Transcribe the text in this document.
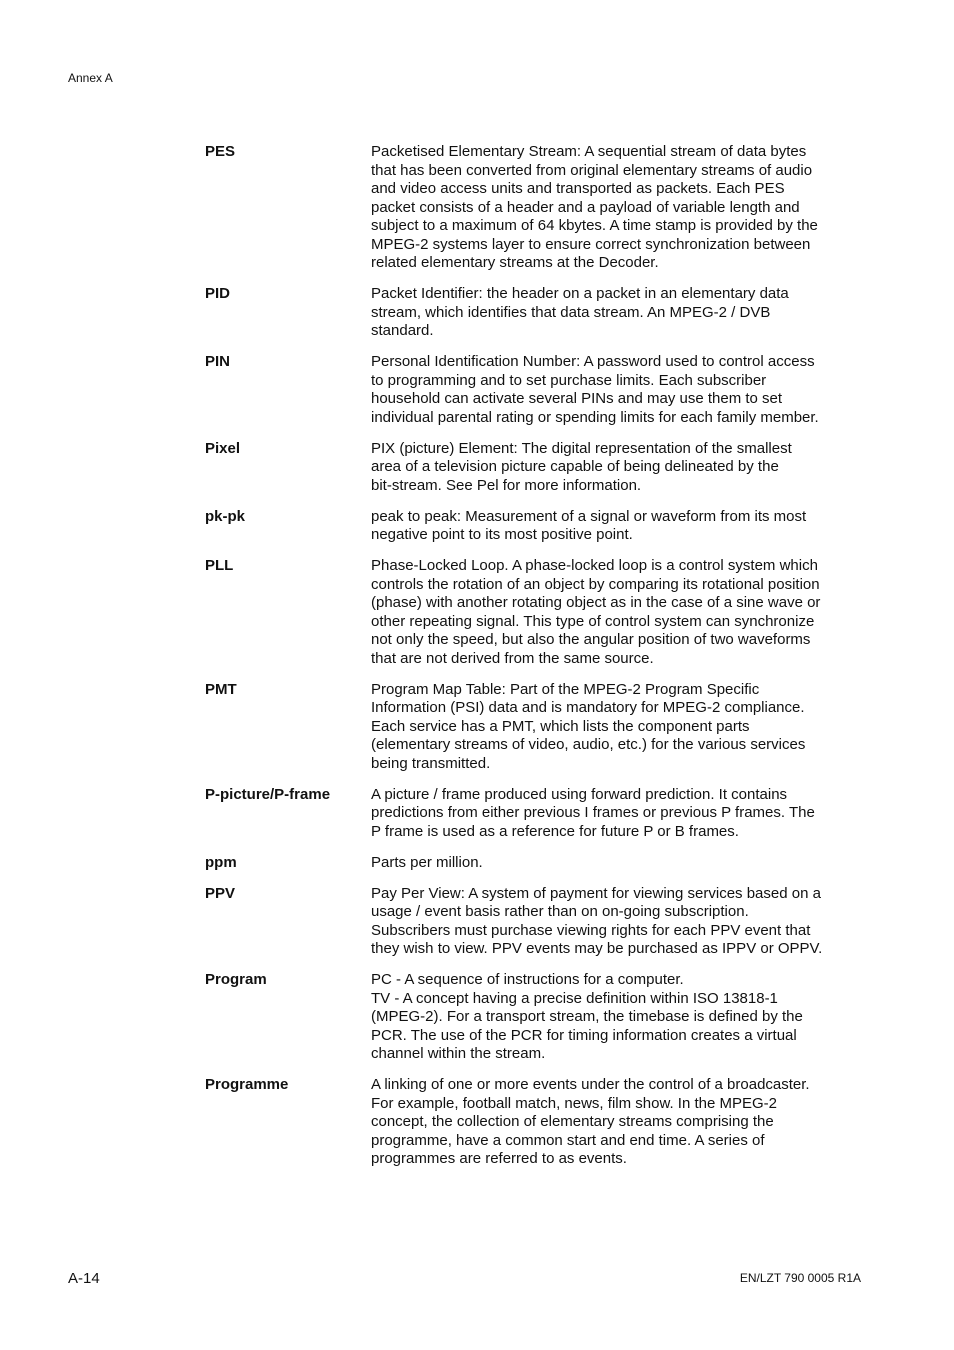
Annex A
PES	Packetised Elementary Stream: A sequential stream of data bytes
that has been converted from original elementary streams of audio
and video access units and transported as packets. Each PES
packet consists of a header and a payload of variable length and
subject to a maximum of 64 kbytes. A time stamp is provided by the
MPEG-2 systems layer to ensure correct synchronization between
related elementary streams at the Decoder.
PID	Packet Identifier: the header on a packet in an elementary data
stream, which identifies that data stream. An MPEG-2 / DVB
standard.
PIN	Personal Identification Number: A password used to control access
to programming and to set purchase limits. Each subscriber
household can activate several PINs and may use them to set
individual parental rating or spending limits for each family member.
Pixel	PIX (picture) Element: The digital representation of the smallest
area of a television picture capable of being delineated by the
bit-stream. See Pel for more information.
pk-pk	peak to peak: Measurement of a signal or waveform from its most
negative point to its most positive point.
PLL	Phase-Locked Loop. A phase-locked loop is a control system which
controls the rotation of an object by comparing its rotational position
(phase) with another rotating object as in the case of a sine wave or
other repeating signal. This type of control system can synchronize
not only the speed, but also the angular position of two waveforms
that are not derived from the same source.
PMT	Program Map Table: Part of the MPEG-2 Program Specific
Information (PSI) data and is mandatory for MPEG-2 compliance.
Each service has a PMT, which lists the component parts
(elementary streams of video, audio, etc.) for the various services
being transmitted.
P-picture/P-frame	A picture / frame produced using forward prediction. It contains
predictions from either previous I frames or previous P frames. The
P frame is used as a reference for future P or B frames.
ppm	Parts per million.
PPV	Pay Per View: A system of payment for viewing services based on a
usage / event basis rather than on on-going subscription.
Subscribers must purchase viewing rights for each PPV event that
they wish to view. PPV events may be purchased as IPPV or OPPV.
Program	PC - A sequence of instructions for a computer.
TV - A concept having a precise definition within ISO 13818-1
(MPEG-2). For a transport stream, the timebase is defined by the
PCR. The use of the PCR for timing information creates a virtual
channel within the stream.
Programme	A linking of one or more events under the control of a broadcaster.
For example, football match, news, film show. In the MPEG-2
concept, the collection of elementary streams comprising the
programme, have a common start and end time. A series of
programmes are referred to as events.
A-14	EN/LZT 790 0005 R1A
